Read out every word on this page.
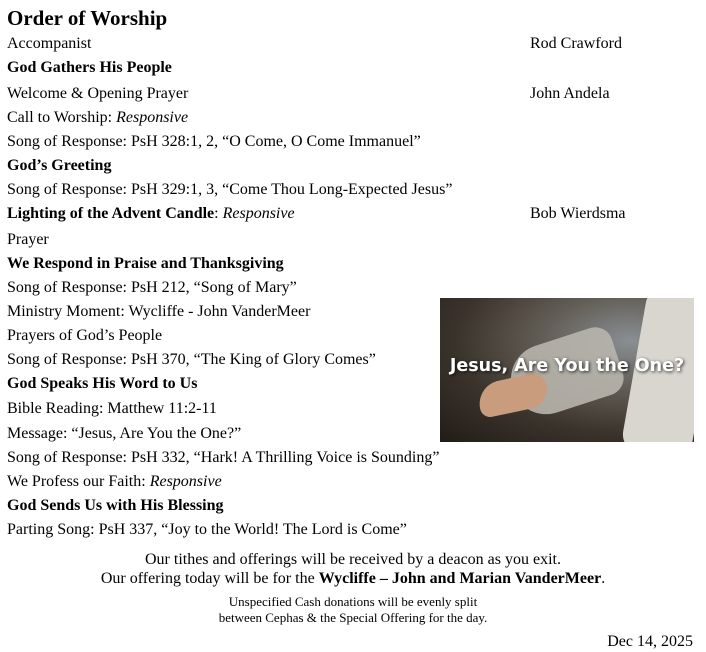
Order of Worship
Accompanist	Rod Crawford
God Gathers His People
Welcome & Opening Prayer	John Andela
Call to Worship: Responsive
Song of Response: PsH 328:1, 2, “O Come, O Come Immanuel”
God’s Greeting
Song of Response: PsH 329:1, 3, “Come Thou Long-Expected Jesus”
Lighting of the Advent Candle: Responsive	Bob Wierdsma
Prayer
We Respond in Praise and Thanksgiving
Song of Response: PsH 212, “Song of Mary”
Ministry Moment: Wycliffe - John VanderMeer
Prayers of God’s People
Song of Response: PsH 370, “The King of Glory Comes”
God Speaks His Word to Us
Bible Reading: Matthew 11:2-11
Message: “Jesus, Are You the One?”
Song of Response: PsH 332, “Hark! A Thrilling Voice is Sounding”
We Profess our Faith: Responsive
God Sends Us with His Blessing
Parting Song: PsH 337, “Joy to the World! The Lord is Come”
Jesus, Are You the One?
Our tithes and offerings will be received by a deacon as you exit.
Our offering today will be for the Wycliffe – John and Marian VanderMeer.
Unspecified Cash donations will be evenly split
between Cephas & the Special Offering for the day.
Dec 14, 2025
